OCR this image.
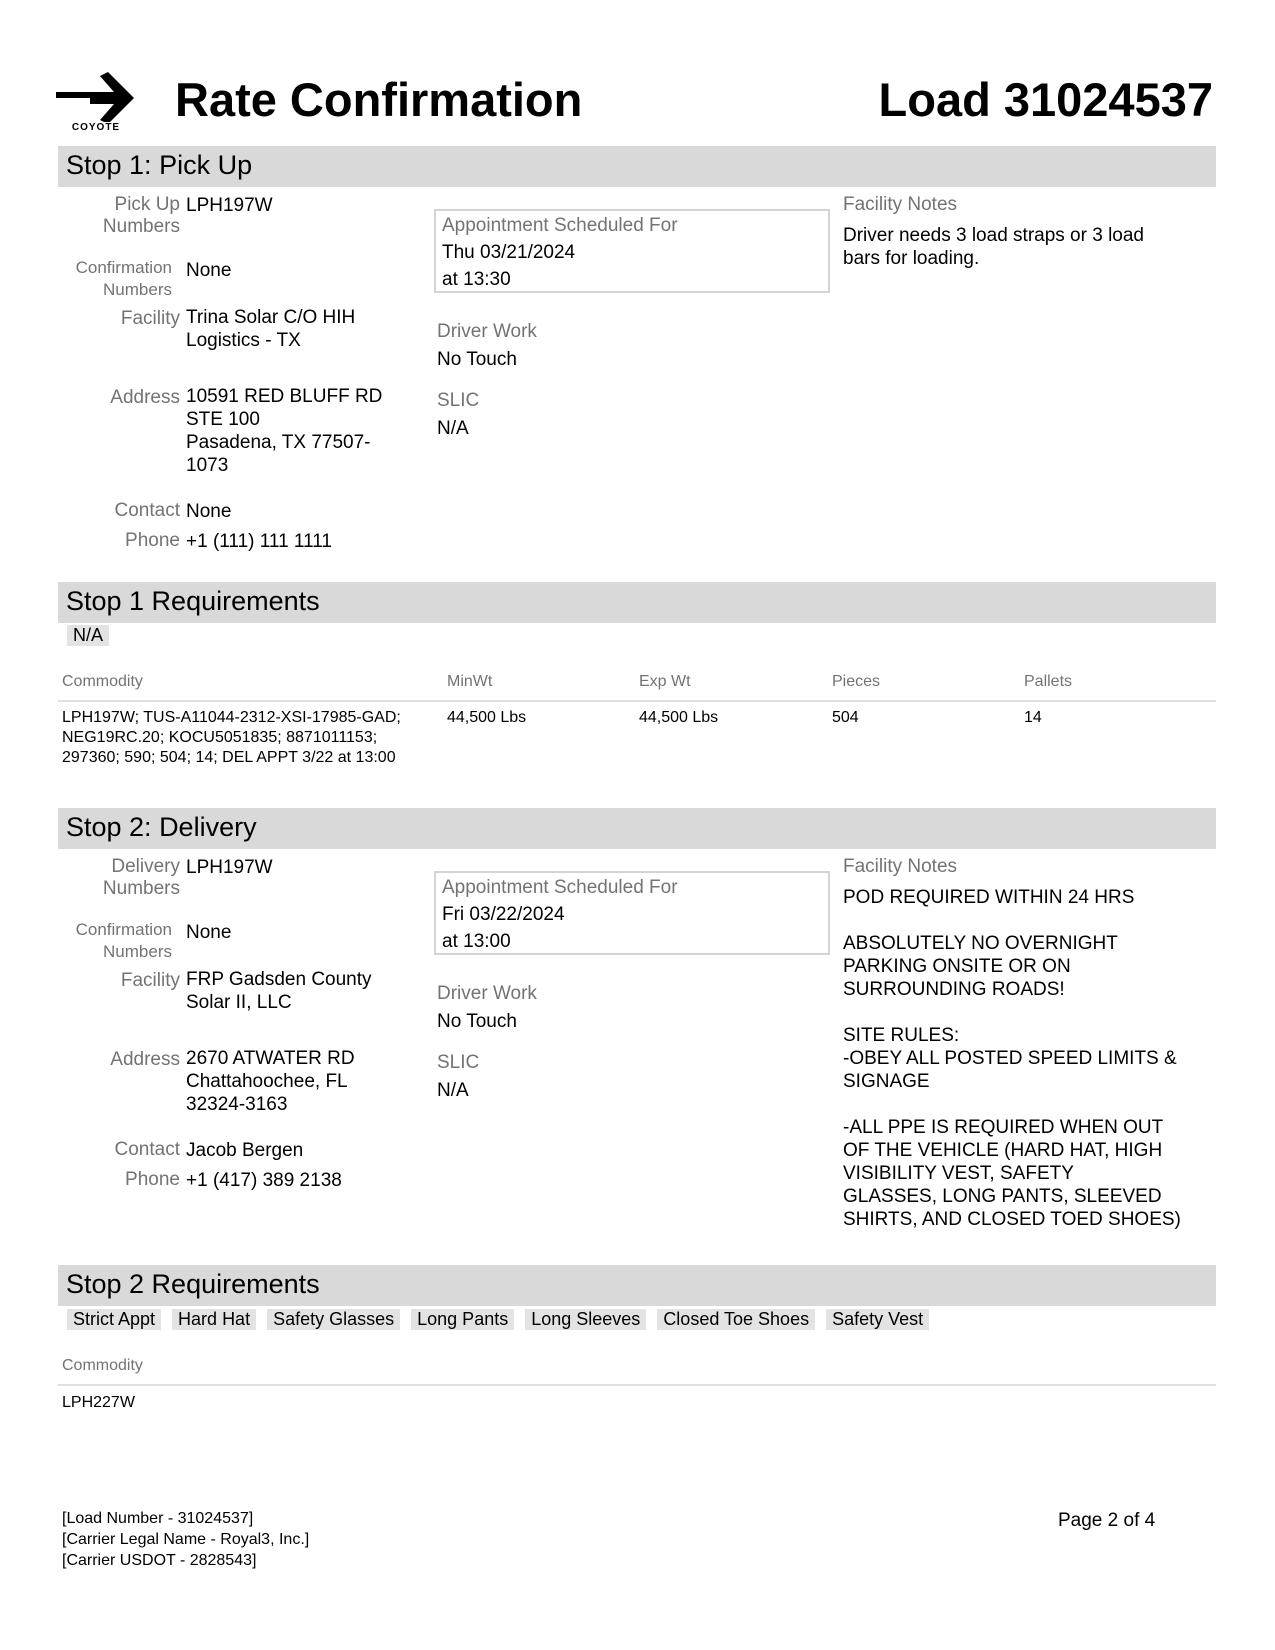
COYOTE
Rate Confirmation	Load 31024537
Stop 1: Pick Up
Pick Up
Numbers
LPH197W
Confirmation
Numbers
None
Facility Trina Solar C/O HIH
Logistics - TX
Address 10591 RED BLUFF RD
STE 100
Pasadena, TX 77507-
1073
Contact None
Phone +1 (111) 111 1111
Appointment Scheduled For
Thu 03/21/2024
at 13:30
Driver Work
No Touch
SLIC
N/A
Facility Notes
Driver needs 3 load straps or 3 load
bars for loading.
Stop 1 Requirements
N/A
Commodity	MinWt	Exp Wt	Pieces	Pallets
LPH197W; TUS-A11044-2312-XSI-17985-GAD;
NEG19RC.20; KOCU5051835; 8871011153;
297360; 590; 504; 14; DEL APPT 3/22 at 13:00
44,500 Lbs	44,500 Lbs	504	14
Stop 2: Delivery
Delivery
Numbers
LPH197W
Confirmation
Numbers
None
Facility FRP Gadsden County
Solar II, LLC
Address 2670 ATWATER RD
Chattahoochee, FL
32324-3163
Contact Jacob Bergen
Phone +1 (417) 389 2138
Appointment Scheduled For
Fri 03/22/2024
at 13:00
Driver Work
No Touch
SLIC
N/A
Facility Notes
POD REQUIRED WITHIN 24 HRS

ABSOLUTELY NO OVERNIGHT
PARKING ONSITE OR ON
SURROUNDING ROADS!

SITE RULES:
-OBEY ALL POSTED SPEED LIMITS &
SIGNAGE

-ALL PPE IS REQUIRED WHEN OUT
OF THE VEHICLE (HARD HAT, HIGH
VISIBILITY VEST, SAFETY
GLASSES, LONG PANTS, SLEEVED
SHIRTS, AND CLOSED TOED SHOES)
Stop 2 Requirements
Strict Appt Hard Hat Safety Glasses Long Pants Long Sleeves Closed Toe Shoes Safety Vest
Commodity
LPH227W
[Load Number - 31024537]
[Carrier Legal Name - Royal3, Inc.]
[Carrier USDOT - 2828543]
Page 2 of 4
